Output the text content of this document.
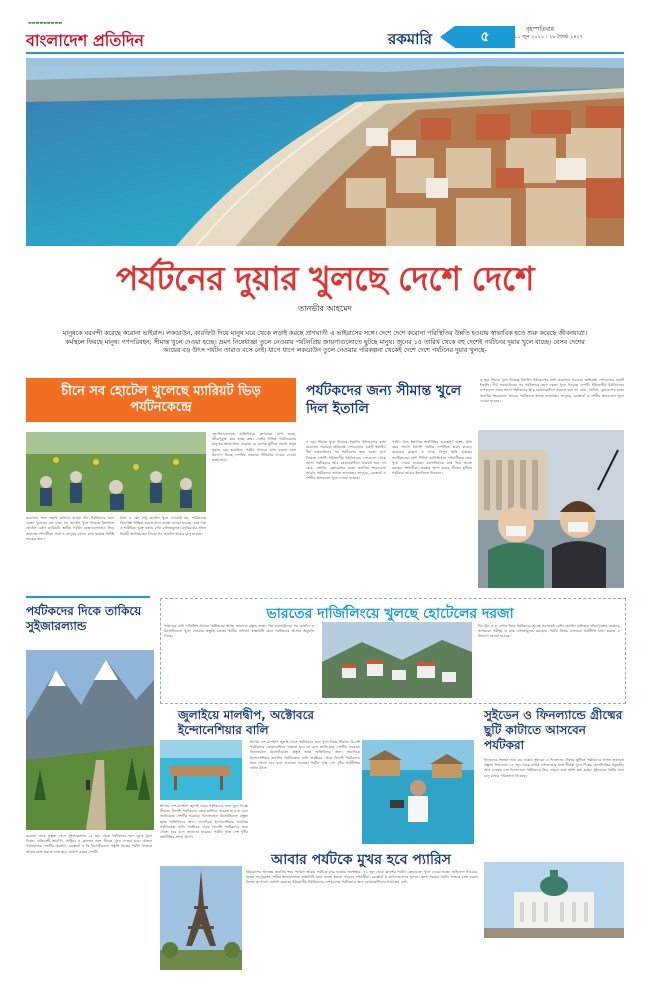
▬▬▬▬▬▬▬▬▬
বাংলাদেশ প্রতিদিন	রকমারি	৫	বৃহস্পতিবার
১১ জুন ২০২০ । ২৮ জ্যৈষ্ঠ ১৪২৭
পর্যটনের দুয়ার খুলছে দেশে দেশে
তানভীর আহমেদ
মানুষকে ঘরবন্দী করেছে করোনা ভাইরাস। লকডাউন, কারফিউ দিয়ে মানুষ ঘরে থেকে লড়াই করছে প্রাণঘাতী এ ভাইরাসের সঙ্গে। দেশে দেশে করোনা পরিস্থিতির উন্নতি হওয়ায় স্বাভাবিক হতে শুরু করেছে জীবনযাত্রা। কর্মস্থলে ফিরছে মানুষ। গণপরিবহন, সীমান্ত খুলে দেওয়া হচ্ছে। ভ্রমণ নিষেধাজ্ঞা তুলে নেওয়ায় পর্যটনপ্রিয় জায়গাগুলোতে ছুটছে মানুষ। জুনের ১৫ তারিখ থেকে বহু দেশেই পর্যটনের দুয়ার খুলে যাচ্ছে। যেসব দেশের আয়ের বড় উৎস পর্যটন তারাও বসে নেই। ধাপে ধাপে লকডাউন তুলে নেওয়ার পরিকল্পনা থেকেই দেশে দেশে পর্যটনের দুয়ার খুলছে-
চীনে সব হোটেল খুলেছে ম্যারিয়ট ভিড় পর্যটনকেন্দ্রে
করোনার সঙ্গে লড়াই চালিয়ে যাওয়া চীন পর্যটকদের জন্য দরজা খুলেছে। বন্ধ থাকা সব হোটেল খুলে দিয়েছে বিশ্বখ্যাত হোটেল চেইন ম্যারিয়ট। স্থানীয় পর্যটন কেন্দ্রগুলোতেও ভিড় জমাচ্ছে দর্শনার্থীরা। পার্ক ও জাদুঘর খোলা রাখা হয়েছে নির্দিষ্ট সময়ের জন্য।
চীনে এ যেন শুধু হোটেল খুলে দেওয়াই নয়, পর্যটকদের নিরাপত্তা নিশ্চিত করতে নানা ব্যবস্থা নেওয়া হয়েছে। মাস্ক পরা ও শারীরিক দূরত্ব বজায় রাখা বাধ্যতামূলক। ম্যারিয়টের প্রধান নির্বাহী জানিয়েছেন চীনের সব হোটেল আবার চালু হয়েছে।
হোটেলগুলোতে অতিথিদের তাপমাত্রা মাপা হচ্ছে, জীবাণুমুক্ত করা হচ্ছে কক্ষ। দেশের বিভিন্ন পর্যটনকেন্দ্রে মানুষের আনাগোনা বাড়ছে। মে মাসের ছুটিতে লাখো মানুষ ঘুরতে বের হয়েছিল। পর্যটন খাতকে চাঙ্গা করতে নানা উদ্যোগ নিচ্ছে দেশটির সরকার। টিকিটের দামেও দেওয়া হচ্ছে ছাড়।
পর্যটকদের জন্য সীমান্ত খুলে দিল ইতালি
৩ জুন সীমান্ত খুলে দিয়েছে ইতালি। ইউরোপের মধ্যে করোনায় সবচেয়ে ক্ষতিগ্রস্ত দেশগুলোর একটি ইতালি। দীর্ঘ লকডাউনের পর পর্যটকদের জন্য দরজা খুলে দিয়েছে দেশটি। ইউরোপীয় ইউনিয়নের দেশগুলো থেকে আসা পর্যটকদের আর কোয়ারেন্টিনে থাকতে হবে না। রোম, ভেনিস, ফ্লোরেন্সের মতো জনপ্রিয় শহরগুলো আবার পর্যটকদের স্বাগত জানাচ্ছে। জাদুঘর, রেস্তোরাঁ ও দর্শনীয় স্থানগুলো খুলে দেওয়া হয়েছে।
পর্যটন খাত ইতালির অর্থনীতির গুরুত্বপূর্ণ অংশ। প্রতি বছর লাখো বিদেশি পর্যটক দেশটিতে ভ্রমণ করেন। করোনার কারণে এ খাতে বিপুল ক্ষতি হয়েছে। ভ্যাটিকানের সেন্ট পিটার্স ব্যাসিলিকাও দর্শনার্থীদের জন্য খুলে দেওয়া হয়েছে। কলোসিয়ামে মাস্ক পরে প্রবেশ করছেন দর্শনার্থীরা। সরকার আশা করছে গ্রীষ্মের ছুটিতে পর্যটকরা আবার ইতালিতে ফিরবেন।
৩ জুন সীমান্ত খুলে দিয়েছে ইতালি। ইউরোপের মধ্যে করোনায় সবচেয়ে ক্ষতিগ্রস্ত দেশগুলোর একটি ইতালি। দীর্ঘ লকডাউনের পর পর্যটকদের জন্য দরজা খুলে দিয়েছে দেশটি। ইউরোপীয় ইউনিয়নের দেশগুলো থেকে আসা পর্যটকদের আর কোয়ারেন্টিনে থাকতে হবে না। রোম, ভেনিস, ফ্লোরেন্সের মতো জনপ্রিয় শহরগুলো আবার পর্যটকদের স্বাগত জানাচ্ছে। জাদুঘর, রেস্তোরাঁ ও দর্শনীয় স্থানগুলো খুলে দেওয়া হয়েছে।
পর্যটকদের দিকে তাকিয়ে সুইজারল্যান্ড
করোনা থেকে সুস্থতা পেলে সুইজারল্যান্ড ১৫ জুন থেকে পর্যটকদের জন্য দুয়ার খুলে দিচ্ছে। প্রতিবেশী জার্মানি, অস্ট্রিয়া ও ফ্রান্সের সঙ্গে সীমান্ত খুলে দেওয়া হবে। আল্পস পর্বতমালার দেশটির হোটেল, রেস্তোরাঁ ও স্কি রিসোর্টগুলো প্রস্তুতি নিচ্ছে। পর্যটন খাতকে আবার চাঙ্গা করতে নানা ছাড় ঘোষণা করছে দেশটি।
ভারতের দার্জিলিংয়ে খুলছে হোটেলের দরজা
পাহাড়ের রানী দার্জিলিং আবার পর্যটকদের স্বাগত জানাতে প্রস্তুত হচ্ছে। দীর্ঘ লকডাউনের পর হোটেল ও রিসোর্টগুলো খুলে দেওয়ার প্রস্তুতি চলছে। স্থানীয় প্রশাসন স্বাস্থ্যবিধি মেনে পর্যটকদের আসার অনুমতি দিচ্ছে।
টয় ট্রেন ও চা বাগান ঘিরে পর্যটকদের আগ্রহ সবসময়ই বেশি। হোটেল মালিকরা জীবাণুনাশক ব্যবহার, তাপমাত্রা পরীক্ষা ও মাস্ক বাধ্যতামূলক করছেন। পর্যটন নির্ভর এলাকার অর্থনীতি চাঙ্গা করতে এ উদ্যোগ নেওয়া হয়েছে।
জুলাইয়ে মালদ্বীপ, অক্টোবরে ইন্দোনেশিয়ার বালি
দ্বীপের দেশ মালদ্বীপ জুলাই থেকে পর্যটকদের জন্য খুলে দিচ্ছে সীমান্ত। বিদেশি পর্যটকদের কোয়ারেন্টিনে থাকতে হবে না বলে জানিয়েছে দেশটির সরকার। বিলাসবহুল রিসোর্টগুলো প্রস্তুত হচ্ছে অতিথিদের জন্য। অন্যদিকে ইন্দোনেশিয়ার জনপ্রিয় পর্যটনকেন্দ্র বালি অক্টোবর থেকে বিদেশি পর্যটকদের জন্য খোলা হবে বলে জানানো হয়েছে। পর্যটন খাত দেশ দুটির অর্থনীতির প্রধান উৎস।
দ্বীপের দেশ মালদ্বীপ জুলাই থেকে পর্যটকদের জন্য খুলে দিচ্ছে সীমান্ত। বিদেশি পর্যটকদের কোয়ারেন্টিনে থাকতে হবে না বলে জানিয়েছে দেশটির সরকার। বিলাসবহুল রিসোর্টগুলো প্রস্তুত হচ্ছে অতিথিদের জন্য। অন্যদিকে ইন্দোনেশিয়ার জনপ্রিয় পর্যটনকেন্দ্র বালি অক্টোবর থেকে বিদেশি পর্যটকদের জন্য খোলা হবে বলে জানানো হয়েছে। পর্যটন খাত দেশ দুটির অর্থনীতির প্রধান উৎস।
সুইডেন ও ফিনল্যান্ডে গ্রীষ্মের ছুটি কাটাতে আসবেন পর্যটকরা
নিজেদের সংক্রমণ হার কম থাকায় সুইডেন ও ফিনল্যান্ড গ্রীষ্মের ছুটিতে পর্যটকদের স্বাগত জানাতে প্রস্তুত। ফিনল্যান্ড ১৫ জুন থেকে নর্ডিক দেশগুলোর সঙ্গে সীমান্ত খুলে দিচ্ছে। হেলসিংকির সমুদ্রতীর আর লেকের দেশ ফিনল্যান্ডে পর্যটকদের ভিড় বাড়বে বলে আশা করা হচ্ছে। সুইডেনও পর্যটন খাত চালু রাখার পরিকল্পনা নিয়েছে।
আবার পর্যটকে মুখর হবে প্যারিস
ইউরোপের অন্যতম জনপ্রিয় শহর প্যারিস আবার পর্যটকে মুখর হওয়ার অপেক্ষায়। ২২ জুন থেকে ফ্রান্সের পর্যটন কেন্দ্রগুলো খুলে দেওয়া হচ্ছে। আইফেল টাওয়ার, ল্যুভর জাদুঘরসহ দর্শনীয় স্থানগুলোতে স্বাস্থ্যবিধি মেনে প্রবেশ করতে পারবেন দর্শনার্থীরা। রেস্তোরাঁ ও ক্যাফেগুলোও খুলছে। ফ্রান্স সরকার পর্যটন খাতকে চাঙ্গা করতে বিশেষ প্রণোদনা ঘোষণা করেছে। ইউরোপীয় ইউনিয়নের দেশগুলোর পর্যটকদের জন্য কোয়ারেন্টিনের প্রয়োজন নেই।
